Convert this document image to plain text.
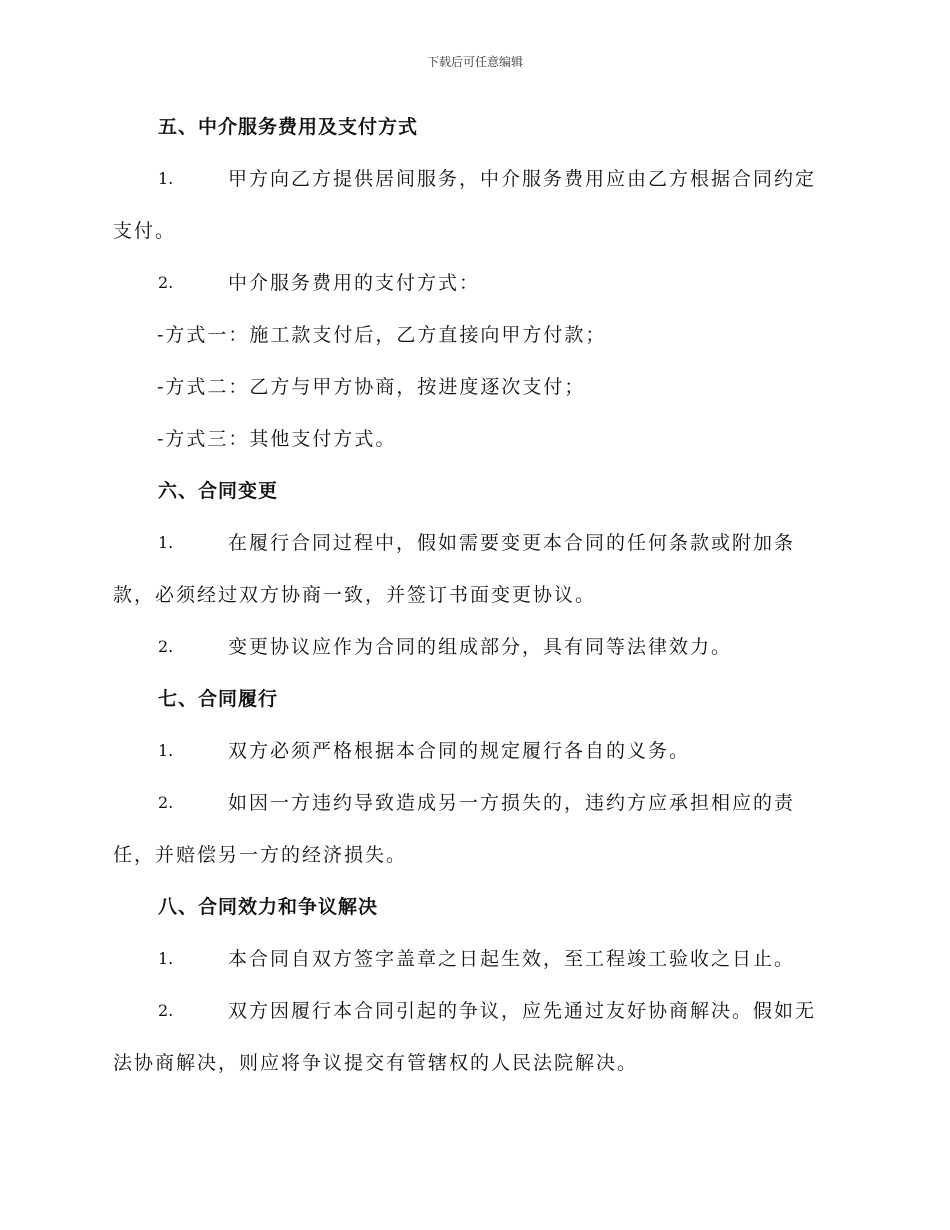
下载后可任意编辑
五、中介服务费用及支付方式
1.	甲方向乙方提供居间服务，中介服务费用应由乙方根据合同约定
支付。
2.	中介服务费用的支付方式：
-方式一：施工款支付后，乙方直接向甲方付款；
-方式二：乙方与甲方协商，按进度逐次支付；
-方式三：其他支付方式。
六、合同变更
1.	在履行合同过程中，假如需要变更本合同的任何条款或附加条
款，必须经过双方协商一致，并签订书面变更协议。
2.	变更协议应作为合同的组成部分，具有同等法律效力。
七、合同履行
1.	双方必须严格根据本合同的规定履行各自的义务。
2.	如因一方违约导致造成另一方损失的，违约方应承担相应的责
任，并赔偿另一方的经济损失。
八、合同效力和争议解决
1.	本合同自双方签字盖章之日起生效，至工程竣工验收之日止。
2.	双方因履行本合同引起的争议，应先通过友好协商解决。假如无
法协商解决，则应将争议提交有管辖权的人民法院解决。
